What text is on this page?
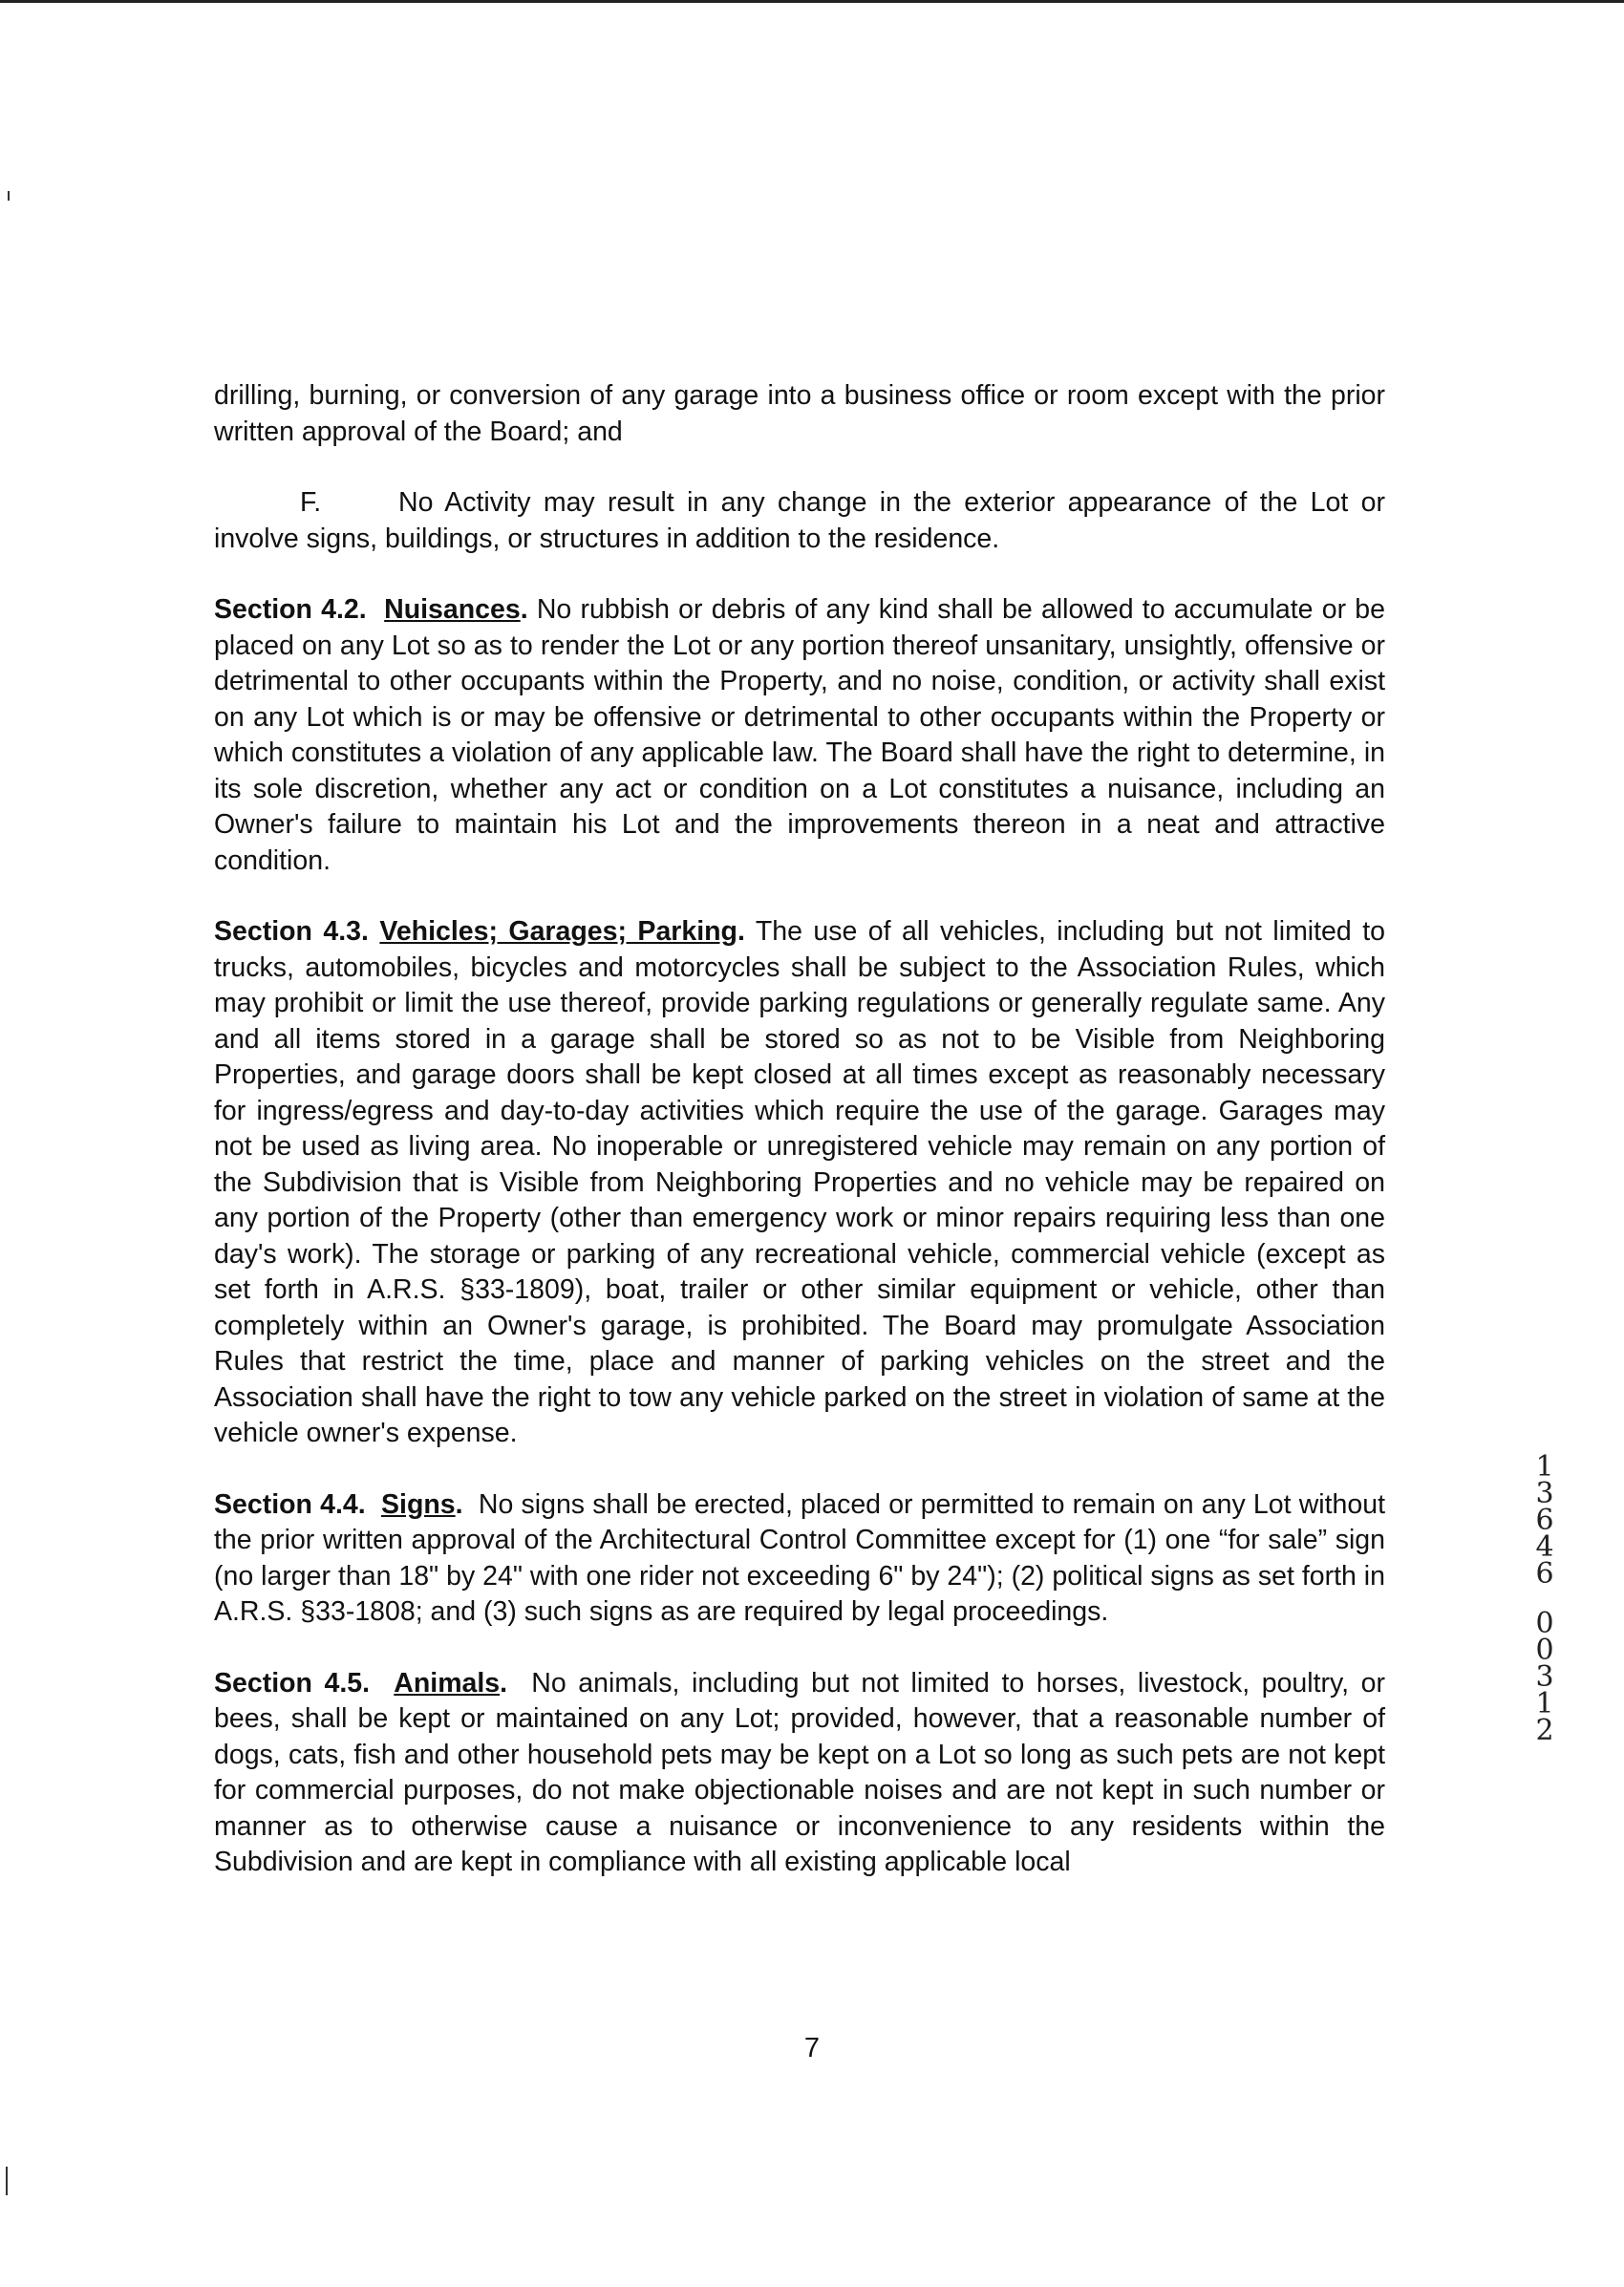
drilling, burning, or conversion of any garage into a business office or room except with the prior written approval of the Board; and

F.	No Activity may result in any change in the exterior appearance of the Lot or involve signs, buildings, or structures in addition to the residence.

Section 4.2. Nuisances. No rubbish or debris of any kind shall be allowed to accumulate or be placed on any Lot so as to render the Lot or any portion thereof unsanitary, unsightly, offensive or detrimental to other occupants within the Property, and no noise, condition, or activity shall exist on any Lot which is or may be offensive or detrimental to other occupants within the Property or which constitutes a violation of any applicable law. The Board shall have the right to determine, in its sole discretion, whether any act or condition on a Lot constitutes a nuisance, including an Owner's failure to maintain his Lot and the improvements thereon in a neat and attractive condition.

Section 4.3. Vehicles; Garages; Parking. The use of all vehicles, including but not limited to trucks, automobiles, bicycles and motorcycles shall be subject to the Association Rules, which may prohibit or limit the use thereof, provide parking regulations or generally regulate same. Any and all items stored in a garage shall be stored so as not to be Visible from Neighboring Properties, and garage doors shall be kept closed at all times except as reasonably necessary for ingress/egress and day-to-day activities which require the use of the garage. Garages may not be used as living area. No inoperable or unregistered vehicle may remain on any portion of the Subdivision that is Visible from Neighboring Properties and no vehicle may be repaired on any portion of the Property (other than emergency work or minor repairs requiring less than one day's work). The storage or parking of any recreational vehicle, commercial vehicle (except as set forth in A.R.S. §33-1809), boat, trailer or other similar equipment or vehicle, other than completely within an Owner's garage, is prohibited. The Board may promulgate Association Rules that restrict the time, place and manner of parking vehicles on the street and the Association shall have the right to tow any vehicle parked on the street in violation of same at the vehicle owner's expense.

Section 4.4. Signs. No signs shall be erected, placed or permitted to remain on any Lot without the prior written approval of the Architectural Control Committee except for (1) one “for sale” sign (no larger than 18" by 24" with one rider not exceeding 6" by 24"); (2) political signs as set forth in A.R.S. §33-1808; and (3) such signs as are required by legal proceedings.

Section 4.5. Animals. No animals, including but not limited to horses, livestock, poultry, or bees, shall be kept or maintained on any Lot; provided, however, that a reasonable number of dogs, cats, fish and other household pets may be kept on a Lot so long as such pets are not kept for commercial purposes, do not make objectionable noises and are not kept in such number or manner as to otherwise cause a nuisance or inconvenience to any residents within the Subdivision and are kept in compliance with all existing applicable local

7
1
3
6
4
6
0
0
3
1
2
